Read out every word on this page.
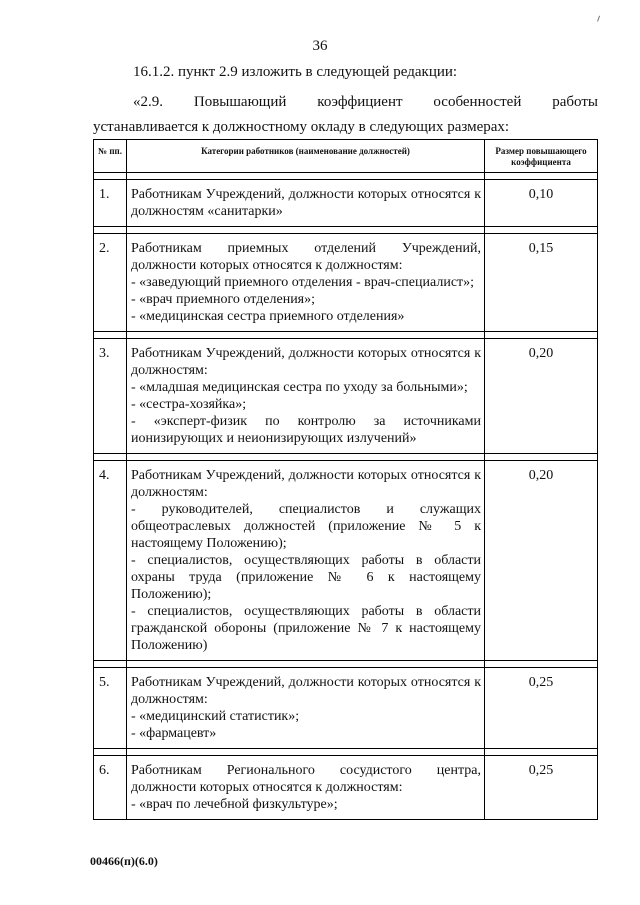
36
16.1.2. пункт 2.9 изложить в следующей редакции:
«2.9. Повышающий коэффициент особенностей работы
устанавливается к должностному окладу в следующих размерах:
№ пп.	Категории работников (наименование должностей)	Размер повышающего коэффициента

1.	Работникам Учреждений, должности которых относятся к должностям «санитарки»	0,10

2.	Работникам приемных отделений Учреждений, должности которых относятся к должностям:
- «заведующий приемного отделения - врач-специалист»;
- «врач приемного отделения»;
- «медицинская сестра приемного отделения»	0,15

3.	Работникам Учреждений, должности которых относятся к должностям:
- «младшая медицинская сестра по уходу за больными»;
- «сестра-хозяйка»;
- «эксперт-физик по контролю за источниками ионизирующих и неионизирующих излучений»	0,20

4.	Работникам Учреждений, должности которых относятся к должностям:
- руководителей, специалистов и служащих общеотраслевых должностей (приложение № 5 к настоящему Положению);
- специалистов, осуществляющих работы в области охраны труда (приложение № 6 к настоящему Положению);
- специалистов, осуществляющих работы в области гражданской обороны (приложение № 7 к настоящему Положению)	0,20

5.	Работникам Учреждений, должности которых относятся к должностям:
- «медицинский статистик»;
- «фармацевт»	0,25

6.	Работникам Регионального сосудистого центра, должности которых относятся к должностям:
- «врач по лечебной физкультуре»;	0,25
00466(п)(6.0)
